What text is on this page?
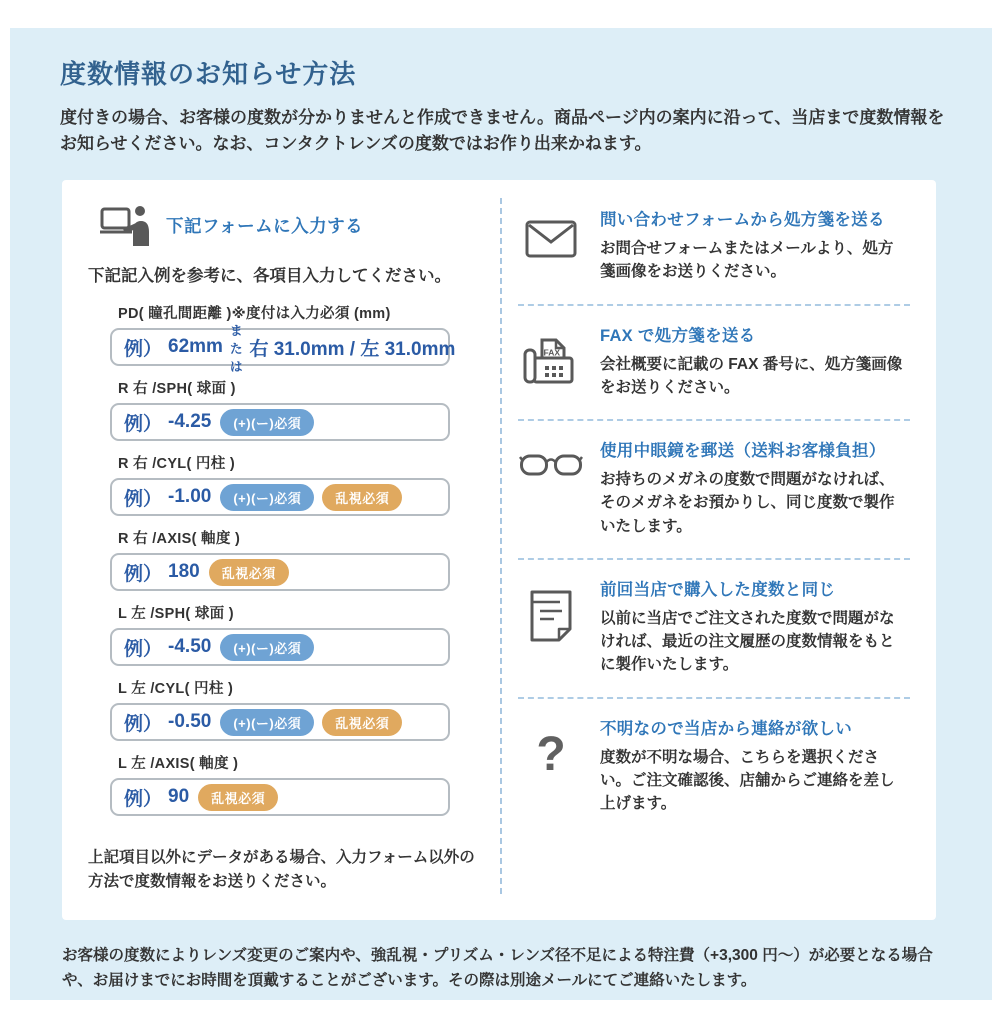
度数情報のお知らせ方法

度付きの場合、お客様の度数が分かりませんと作成できません。商品ページ内の案内に沿って、当店まで度数情報をお知らせください。なお、コンタクトレンズの度数ではお作り出来かねます。

下記フォームに入力する

下記記入例を参考に、各項目入力してください。

PD( 瞳孔間距離 )※度付は入力必須 (mm)
例） 62mm
または
右 31.0mm / 左 31.0mm
R 右 /SPH( 球面 )
例） -4.25	(+)(ー)必須
R 右 /CYL( 円柱 )
例） -1.00	(+)(ー)必須	乱視必須
R 右 /AXIS( 軸度 )
例） 180	乱視必須
L 左 /SPH( 球面 )
例） -4.50	(+)(ー)必須
L 左 /CYL( 円柱 )
例） -0.50	(+)(ー)必須	乱視必須
L 左 /AXIS( 軸度 )
例） 90	乱視必須

上記項目以外にデータがある場合、入力フォーム以外の方法で度数情報をお送りください。

問い合わせフォームから処方箋を送る

お問合せフォームまたはメールより、処方箋画像をお送りください。

FAX

FAX で処方箋を送る

会社概要に記載の FAX 番号に、処方箋画像をお送りください。

使用中眼鏡を郵送（送料お客様負担）

お持ちのメガネの度数で問題がなければ、そのメガネをお預かりし、同じ度数で製作いたします。

前回当店で購入した度数と同じ

以前に当店でご注文された度数で問題がなければ、最近の注文履歴の度数情報をもとに製作いたします。

? 不明なので当店から連絡が欲しい

度数が不明な場合、こちらを選択ください。ご注文確認後、店舗からご連絡を差し上げます。

お客様の度数によりレンズ変更のご案内や、強乱視・プリズム・レンズ径不足による特注費（+3,300 円～）が必要となる場合や、お届けまでにお時間を頂戴することがございます。その際は別途メールにてご連絡いたします。
